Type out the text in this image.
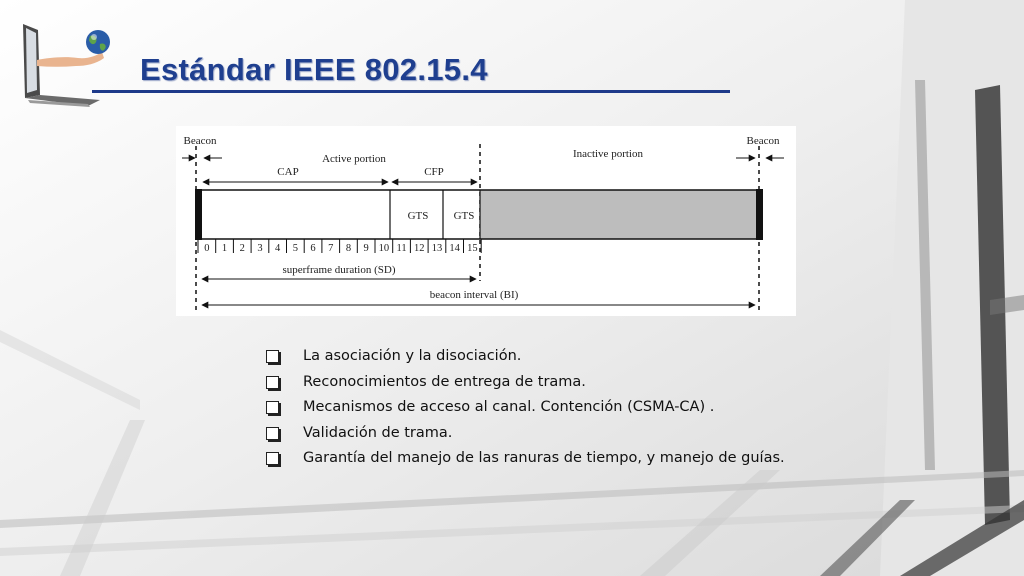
Estándar IEEE 802.15.4
Beacon	Beacon
Active portion	Inactive portion
CAP	CFP
GTS GTS
0 1 2 3 4 5 6 7 8 9 10 11 12 13 14 15
superframe duration (SD)
beacon interval (BI)
La asociación y la disociación.
Reconocimientos de entrega de trama.
Mecanismos de acceso al canal. Contención (CSMA-CA) .
Validación de trama.
Garantía del manejo de las ranuras de tiempo, y manejo de guías.
